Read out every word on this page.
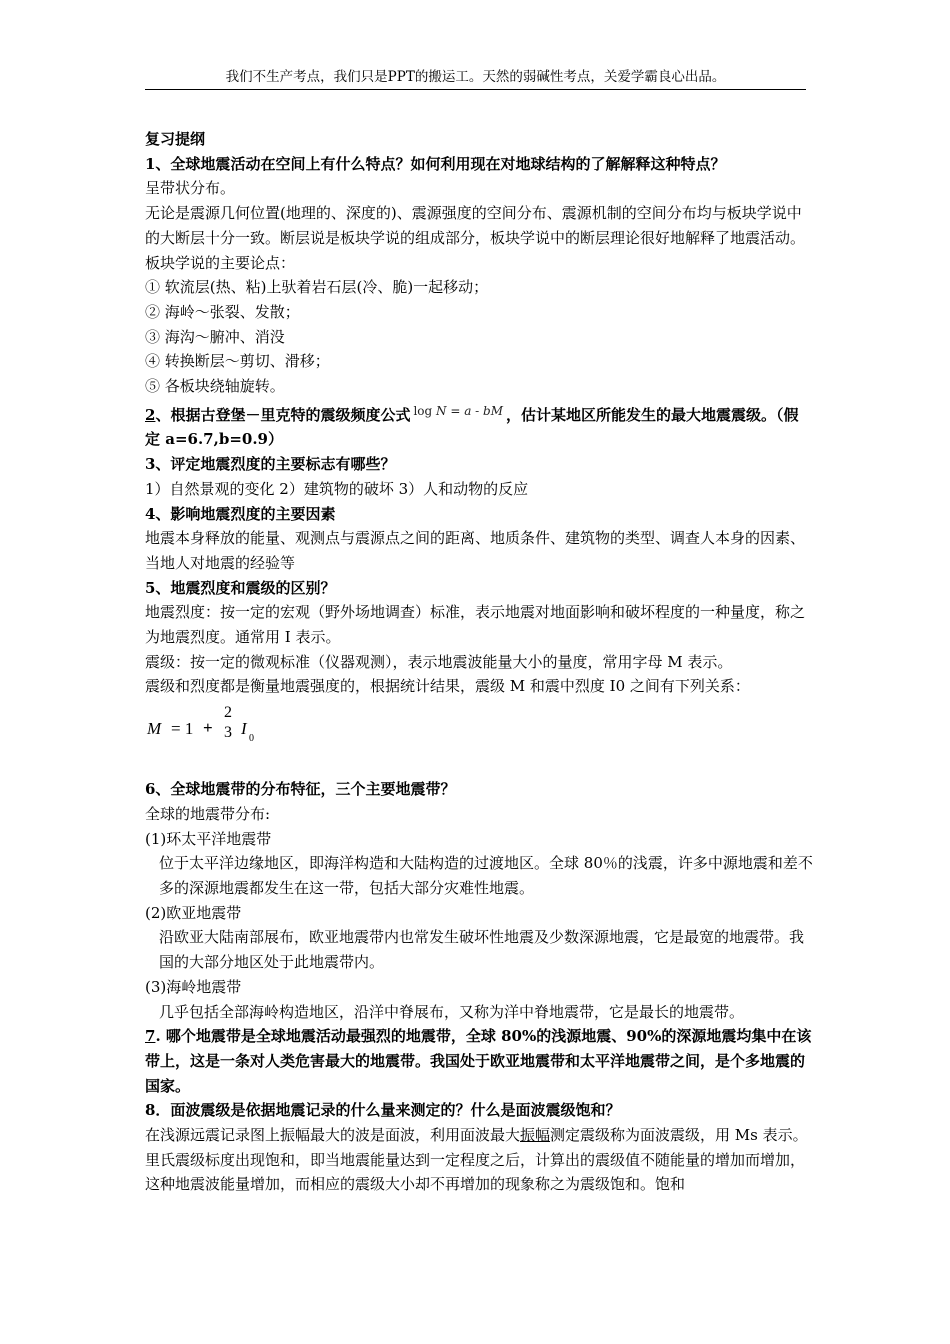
我们不生产考点，我们只是PPT的搬运工。天然的弱碱性考点，关爱学霸良心出品。

复习提纲

1、全球地震活动在空间上有什么特点？如何利用现在对地球结构的了解解释这种特点？

呈带状分布。

无论是震源几何位置(地理的、深度的)、震源强度的空间分布、震源机制的空间分布均与板块学说中的大断层十分一致。断层说是板块学说的组成部分，板块学说中的断层理论很好地解释了地震活动。板块学说的主要论点：

① 软流层(热、粘)上驮着岩石层(冷、脆)一起移动；

② 海岭～张裂、发散；

③ 海沟～腑冲、消没

④ 转换断层～剪切、滑移；

⑤ 各板块绕轴旋转。

2、根据古登堡－里克特的震级频度公式 $^{log N = a - bM}$ ，估计某地区所能发生的最大地震震级。（假定 a=6.7,b=0.9）

3、评定地震烈度的主要标志有哪些？

1）自然景观的变化 2）建筑物的破坏 3）人和动物的反应

4、影响地震烈度的主要因素

地震本身释放的能量、观测点与震源点之间的距离、地质条件、建筑物的类型、调查人本身的因素、当地人对地震的经验等

5、地震烈度和震级的区别？

地震烈度：按一定的宏观（野外场地调查）标准，表示地震对地面影响和破坏程度的一种量度，称之为地震烈度。通常用 I 表示。

震级：按一定的微观标准（仪器观测），表示地震波能量大小的量度，常用字母 M 表示。

震级和烈度都是衡量地震强度的，根据统计结果，震级 M 和震中烈度 I0 之间有下列关系：

M = 1 +
2
3 I
0

6、全球地震带的分布特征，三个主要地震带？

全球的地震带分布:

(1)环太平洋地震带

位于太平洋边缘地区，即海洋构造和大陆构造的过渡地区。全球 80％的浅震，许多中源地震和差不多的深源地震都发生在这一带，包括大部分灾难性地震。

(2)欧亚地震带

沿欧亚大陆南部展布，欧亚地震带内也常发生破坏性地震及少数深源地震，它是最宽的地震带。我国的大部分地区处于此地震带内。

(3)海岭地震带

几乎包括全部海岭构造地区，沿洋中脊展布，又称为洋中脊地震带，它是最长的地震带。

7. 哪个地震带是全球地震活动最强烈的地震带，全球 80%的浅源地震、90%的深源地震均集中在该带上，这是一条对人类危害最大的地震带。我国处于欧亚地震带和太平洋地震带之间，是个多地震的国家。

8．面波震级是依据地震记录的什么量来测定的？什么是面波震级饱和？

在浅源远震记录图上振幅最大的波是面波，利用面波最大振幅测定震级称为面波震级，用 Ms 表示。

里氏震级标度出现饱和，即当地震能量达到一定程度之后，计算出的震级值不随能量的增加而增加，这种地震波能量增加，而相应的震级大小却不再增加的现象称之为震级饱和。饱和
